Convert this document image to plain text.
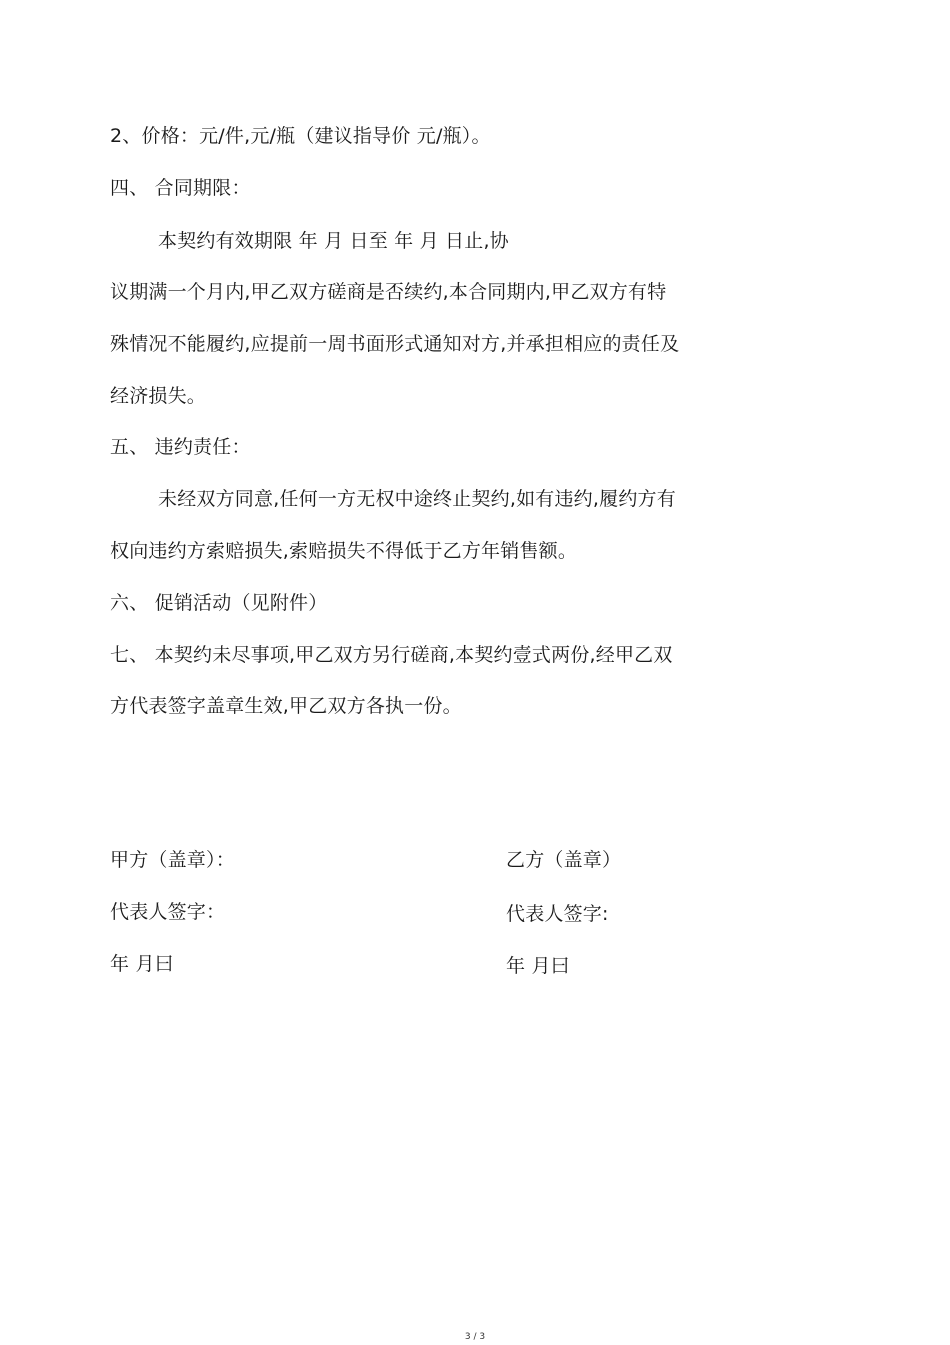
2、价格：元/件,元/瓶（建议指导价 元/瓶）。
四、 合同期限：
本契约有效期限 年 月 日至 年 月 日止,协
议期满一个月内,甲乙双方磋商是否续约,本合同期内,甲乙双方有特
殊情况不能履约,应提前一周书面形式通知对方,并承担相应的责任及
经济损失。
五、 违约责任：
未经双方同意,任何一方无权中途终止契约,如有违约,履约方有
权向违约方索赔损失,索赔损失不得低于乙方年销售额。
六、 促销活动（见附件）
七、 本契约未尽事项,甲乙双方另行磋商,本契约壹式两份,经甲乙双
方代表签字盖章生效,甲乙双方各执一份。
甲方（盖章）：	乙方（盖章）
代表人签字：	代表人签字:
年 月曰	年 月曰
3 / 3
